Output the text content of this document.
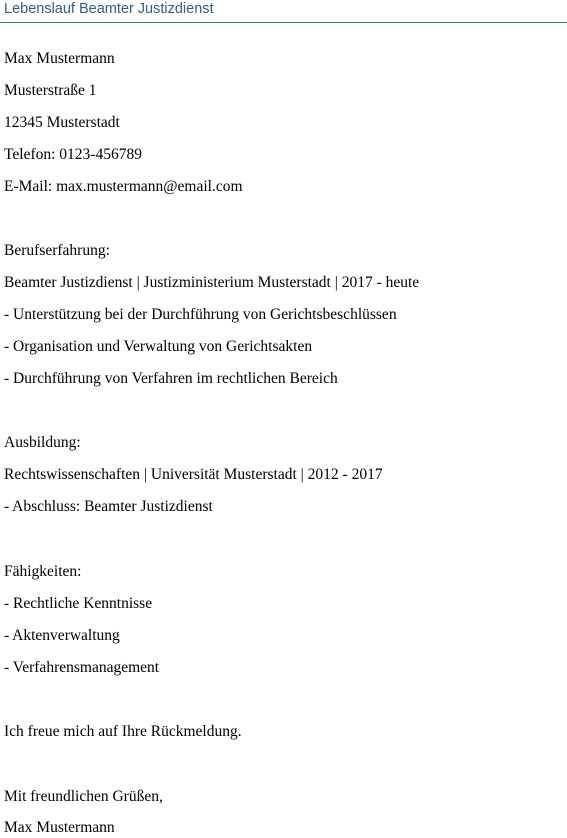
Lebenslauf Beamter Justizdienst
Max Mustermann
Musterstraße 1
12345 Musterstadt
Telefon: 0123-456789
E-Mail: max.mustermann@email.com
Berufserfahrung:
Beamter Justizdienst | Justizministerium Musterstadt | 2017 - heute
- Unterstützung bei der Durchführung von Gerichtsbeschlüssen
- Organisation und Verwaltung von Gerichtsakten
- Durchführung von Verfahren im rechtlichen Bereich
Ausbildung:
Rechtswissenschaften | Universität Musterstadt | 2012 - 2017
- Abschluss: Beamter Justizdienst
Fähigkeiten:
- Rechtliche Kenntnisse
- Aktenverwaltung
- Verfahrensmanagement
Ich freue mich auf Ihre Rückmeldung.
Mit freundlichen Grüßen,
Max Mustermann
